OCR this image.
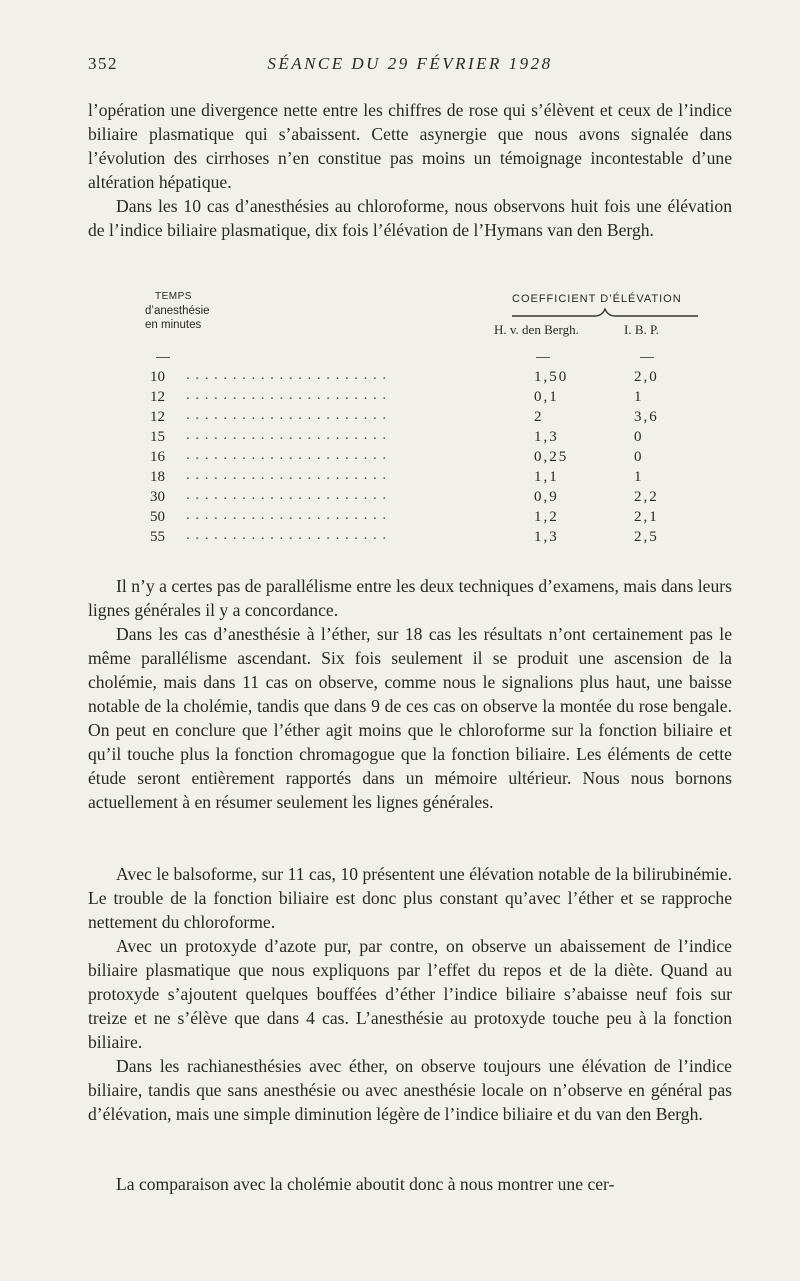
352	SÉANCE DU 29 FÉVRIER 1928

l’opération une divergence nette entre les chiffres de rose qui s’élèvent et ceux de l’indice biliaire plasmatique qui s’abaissent. Cette asynergie que nous avons signalée dans l’évolution des cirrhoses n’en constitue pas moins un témoignage incontestable d’une altération hépatique.

Dans les 10 cas d’anesthésies au chloroforme, nous observons huit fois une élévation de l’indice biliaire plasmatique, dix fois l’élévation de l’Hymans van den Bergh.

TEMPS
d’anesthésie
en minutes
COEFFICIENT D’ÉLÉVATION
H. v. den Bergh.	I. B. P.
10 ......................	1,50	2,0
12 ......................	0,1	1
12 ......................	2	3,6
15 ......................	1,3	0
16 ......................	0,25	0
18 ......................	1,1	1
30 ......................	0,9	2,2
50 ......................	1,2	2,1
55 ......................	1,3	2,5

Il n’y a certes pas de parallélisme entre les deux techniques d’examens, mais dans leurs lignes générales il y a concordance.

Dans les cas d’anesthésie à l’éther, sur 18 cas les résultats n’ont certainement pas le même parallélisme ascendant. Six fois seulement il se produit une ascension de la cholémie, mais dans 11 cas on observe, comme nous le signalions plus haut, une baisse notable de la cholémie, tandis que dans 9 de ces cas on observe la montée du rose bengale. On peut en conclure que l’éther agit moins que le chloroforme sur la fonction biliaire et qu’il touche plus la fonction chromagogue que la fonction biliaire. Les éléments de cette étude seront entièrement rapportés dans un mémoire ultérieur. Nous nous bornons actuellement à en résumer seulement les lignes générales.

Avec le balsoforme, sur 11 cas, 10 présentent une élévation notable de la bilirubinémie. Le trouble de la fonction biliaire est donc plus constant qu’avec l’éther et se rapproche nettement du chloroforme.

Avec un protoxyde d’azote pur, par contre, on observe un abaissement de l’indice biliaire plasmatique que nous expliquons par l’effet du repos et de la diète. Quand au protoxyde s’ajoutent quelques bouffées d’éther l’indice biliaire s’abaisse neuf fois sur treize et ne s’élève que dans 4 cas. L’anesthésie au protoxyde touche peu à la fonction biliaire.

Dans les rachianesthésies avec éther, on observe toujours une élévation de l’indice biliaire, tandis que sans anesthésie ou avec anesthésie locale on n’observe en général pas d’élévation, mais une simple diminution légère de l’indice biliaire et du van den Bergh.

La comparaison avec la cholémie aboutit donc à nous montrer une cer-
